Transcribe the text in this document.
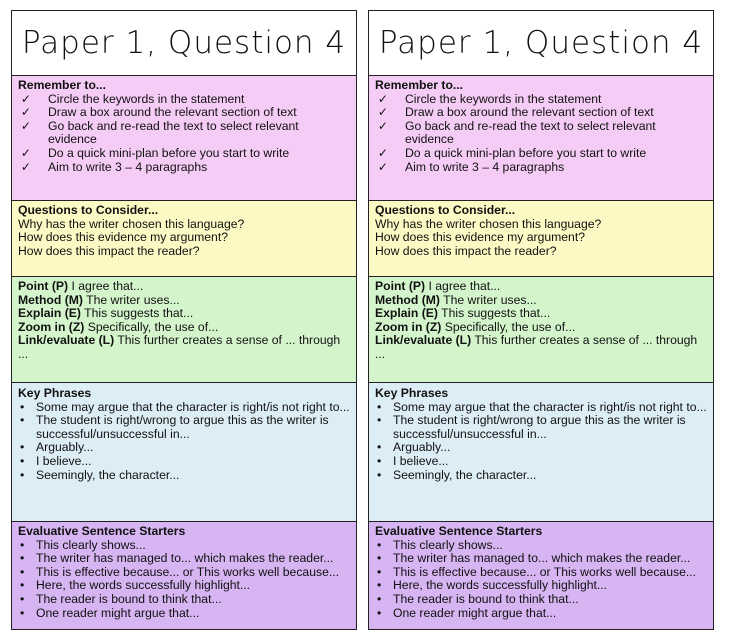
Paper 1, Question 4
Remember to...
✓ Circle the keywords in the statement
✓ Draw a box around the relevant section of text
✓ Go back and re-read the text to select relevant evidence
✓ Do a quick mini-plan before you start to write
✓ Aim to write 3 – 4 paragraphs
Questions to Consider...
Why has the writer chosen this language?
How does this evidence my argument?
How does this impact the reader?
Point (P) I agree that...
Method (M) The writer uses...
Explain (E) This suggests that...
Zoom in (Z) Specifically, the use of...
Link/evaluate (L) This further creates a sense of ... through ...
Key Phrases
• Some may argue that the character is right/is not right to...
• The student is right/wrong to argue this as the writer is successful/unsuccessful in...
• Arguably...
• I believe...
• Seemingly, the character...
Evaluative Sentence Starters
• This clearly shows...
• The writer has managed to... which makes the reader...
• This is effective because... or This works well because...
• Here, the words successfully highlight...
• The reader is bound to think that...
• One reader might argue that...
Paper 1, Question 4
Remember to...
✓ Circle the keywords in the statement
✓ Draw a box around the relevant section of text
✓ Go back and re-read the text to select relevant evidence
✓ Do a quick mini-plan before you start to write
✓ Aim to write 3 – 4 paragraphs
Questions to Consider...
Why has the writer chosen this language?
How does this evidence my argument?
How does this impact the reader?
Point (P) I agree that...
Method (M) The writer uses...
Explain (E) This suggests that...
Zoom in (Z) Specifically, the use of...
Link/evaluate (L) This further creates a sense of ... through ...
Key Phrases
• Some may argue that the character is right/is not right to...
• The student is right/wrong to argue this as the writer is successful/unsuccessful in...
• Arguably...
• I believe...
• Seemingly, the character...
Evaluative Sentence Starters
• This clearly shows...
• The writer has managed to... which makes the reader...
• This is effective because... or This works well because...
• Here, the words successfully highlight...
• The reader is bound to think that...
• One reader might argue that...
